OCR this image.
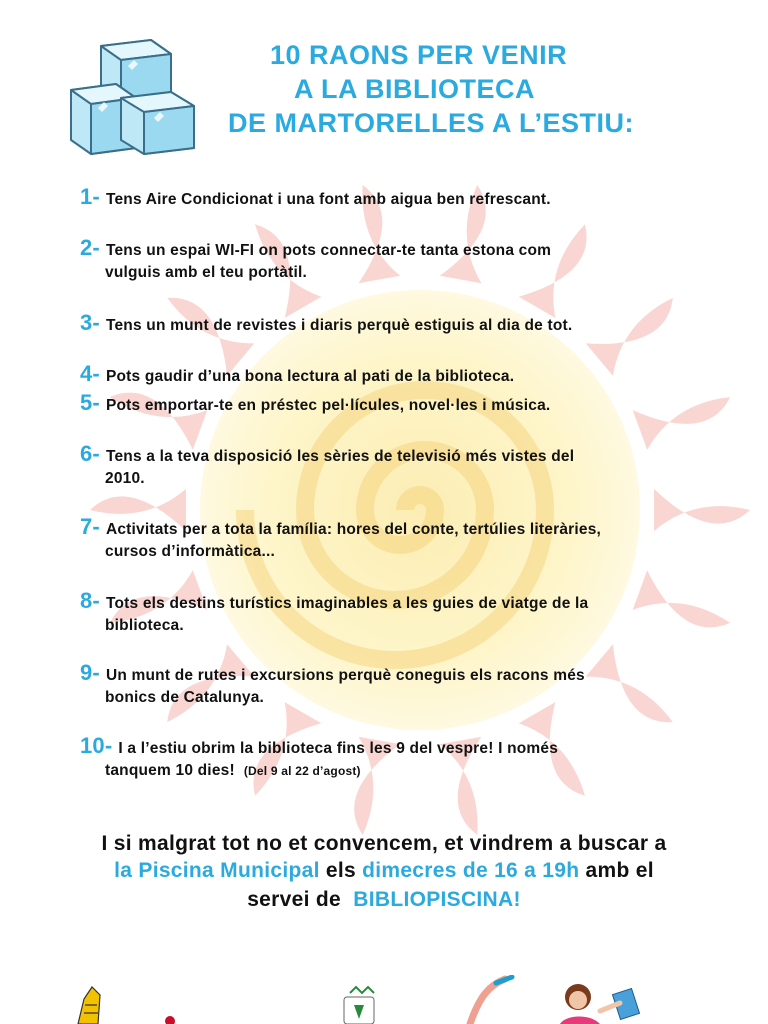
10 RAONS PER VENIR
A LA BIBLIOTECA
DE MARTORELLES A L’ESTIU:
1- Tens Aire Condicionat i una font amb aigua ben refrescant.
2- Tens un espai WI-FI on pots connectar-te tanta estona com
vulguis amb el teu portàtil.
3- Tens un munt de revistes i diaris perquè estiguis al dia de tot.
4- Pots gaudir d’una bona lectura al pati de la biblioteca.
5- Pots emportar-te en préstec pel·lícules, novel·les i música.
6- Tens a la teva disposició les sèries de televisió més vistes del
2010.
7- Activitats per a tota la família: hores del conte, tertúlies literàries,
cursos d’informàtica...
8- Tots els destins turístics imaginables a les guies de viatge de la
biblioteca.
9- Un munt de rutes i excursions perquè coneguis els racons més
bonics de Catalunya.
10- I a l’estiu obrim la biblioteca fins les 9 del vespre! I només
tanquem 10 dies! (Del 9 al 22 d’agost)
I si malgrat tot no et convencem, et vindrem a buscar a
la Piscina Municipal els dimecres de 16 a 19h amb el
servei de  BIBLIOPISCINA!
